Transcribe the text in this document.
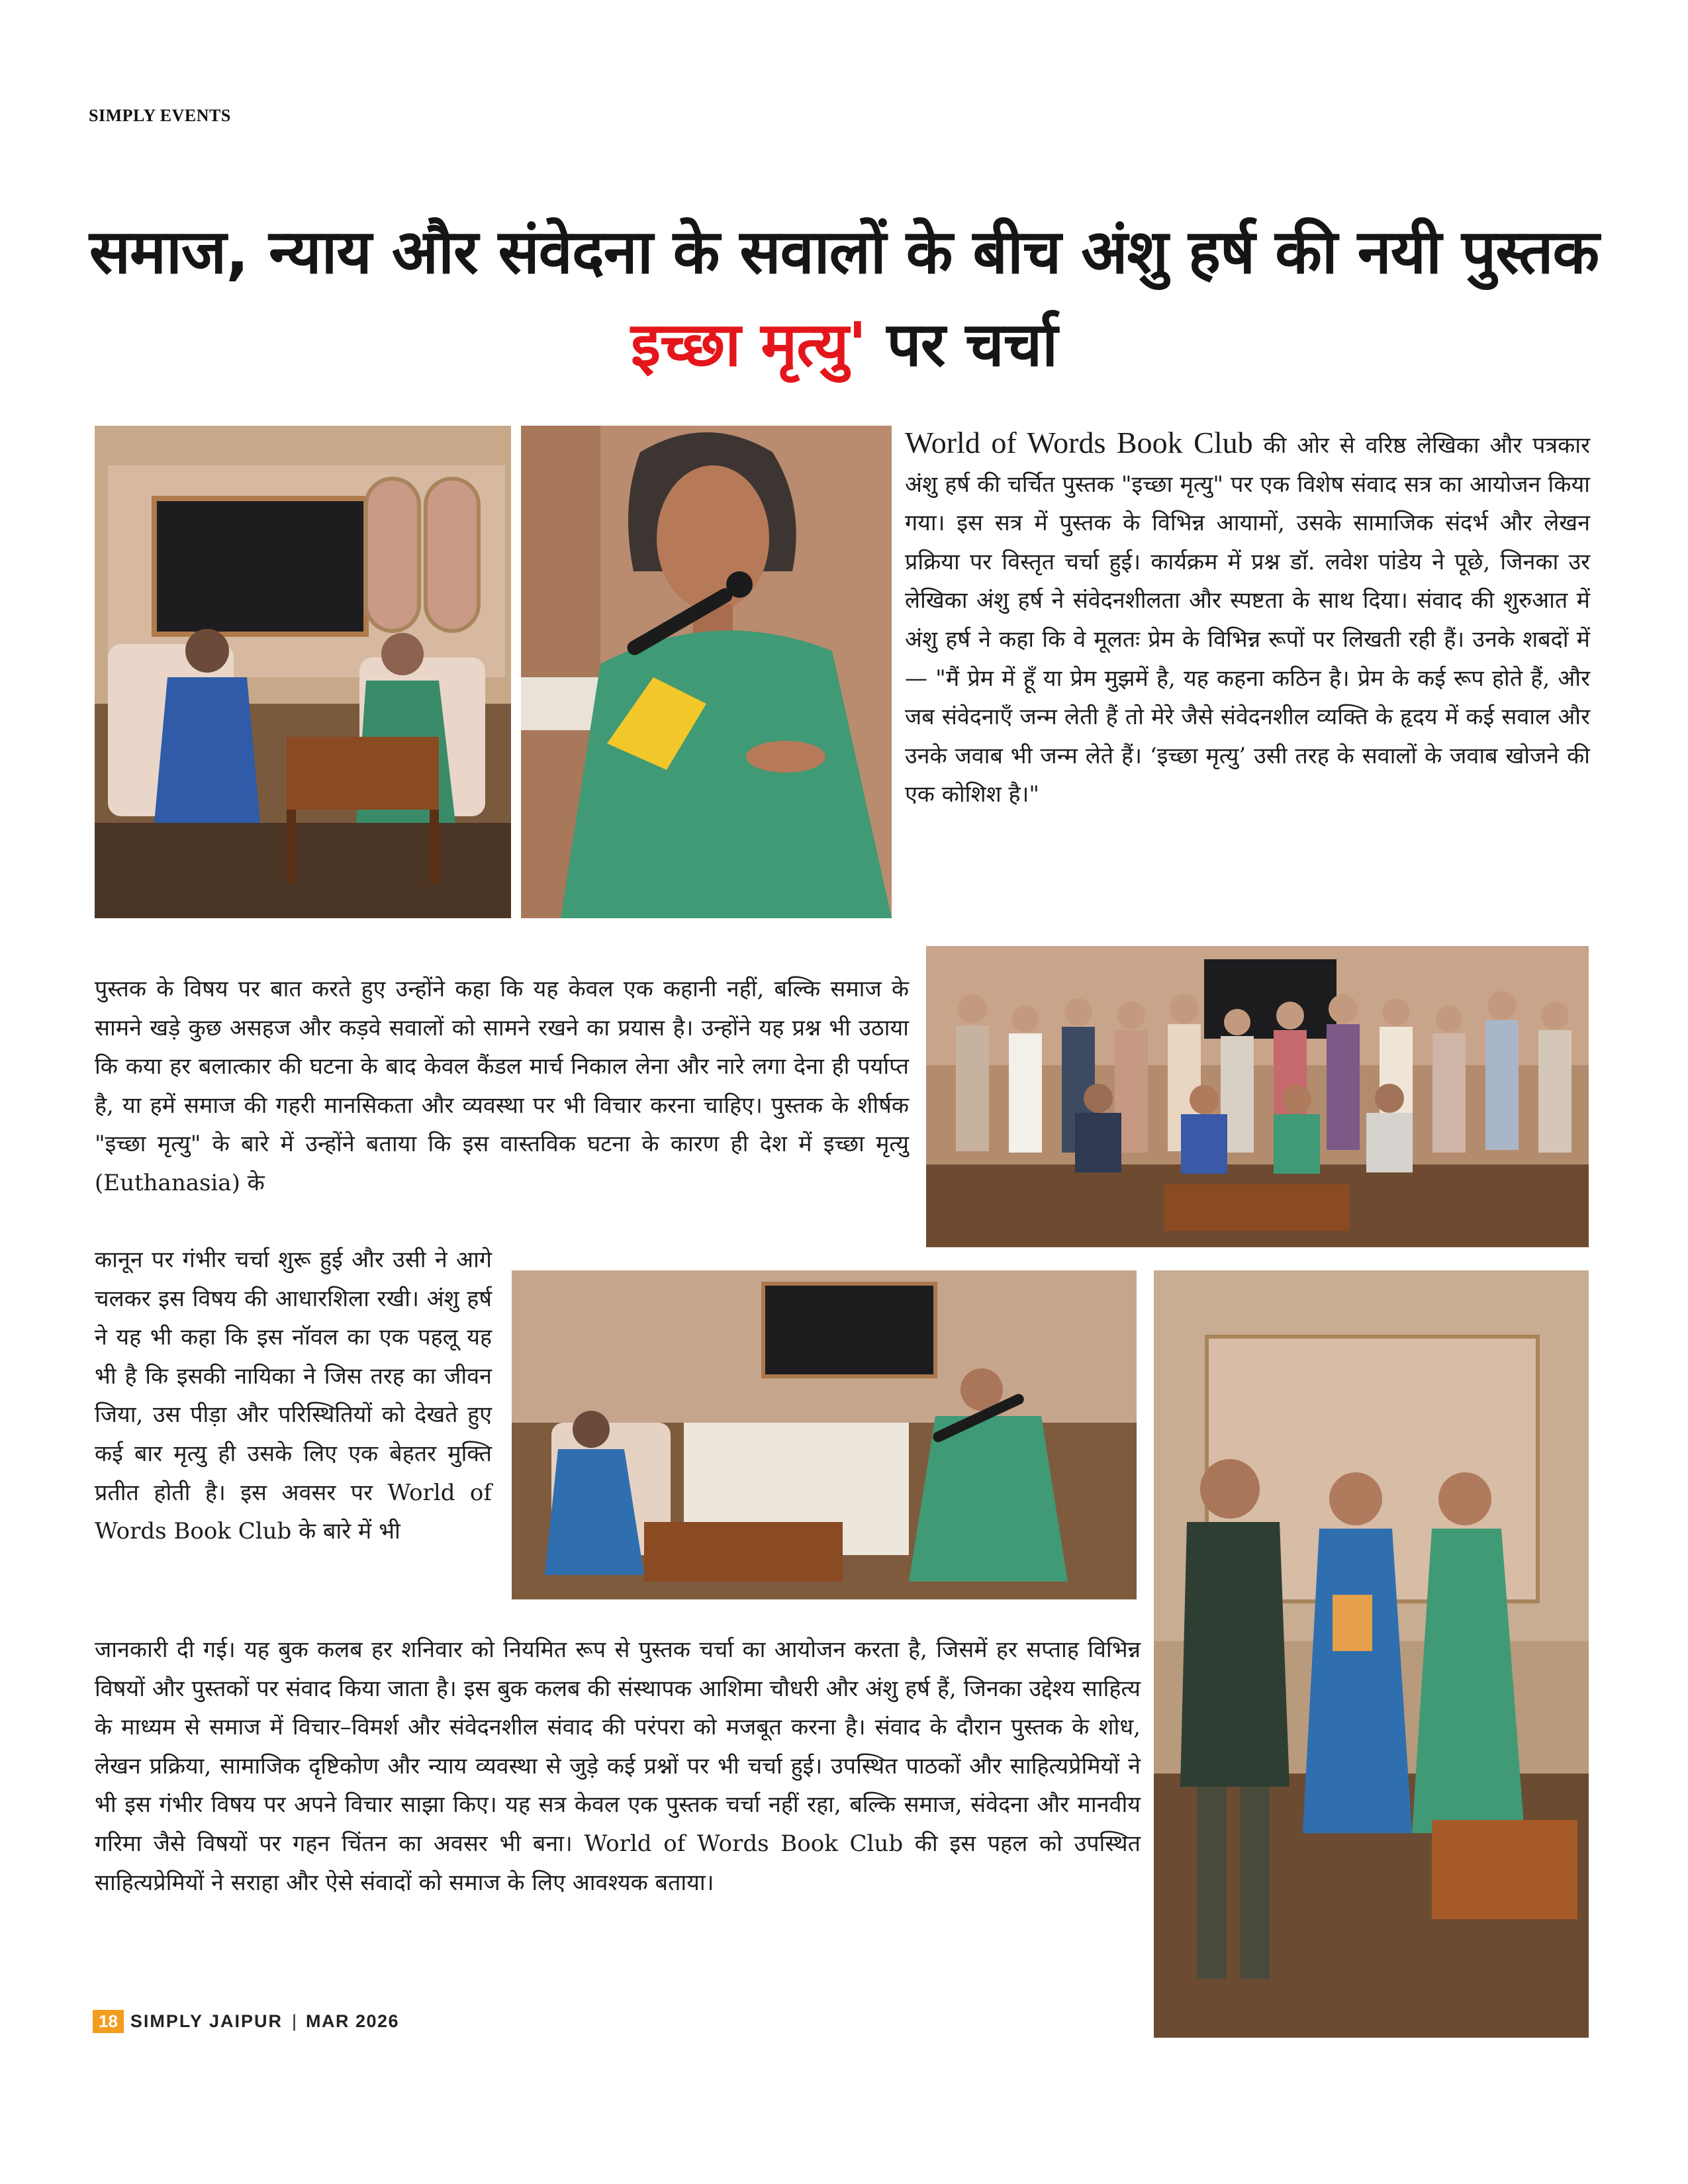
SIMPLY EVENTS
समाज, न्याय और संवेदना के सवालों के बीच अंशु हर्ष की नयी पुस्तक
इच्छा मृत्यु' पर चर्चा

World of Words Book Club की ओर से वरिष्ठ लेखिका और पत्रकार अंशु हर्ष की चर्चित पुस्तक "इच्छा मृत्यु" पर एक विशेष संवाद सत्र का आयोजन किया गया। इस सत्र में पुस्तक के विभिन्न आयामों, उसके सामाजिक संदर्भ और लेखन प्रक्रिया पर विस्तृत चर्चा हुई। कार्यक्रम में प्रश्न डॉ. लवेश पांडेय ने पूछे, जिनका उर लेखिका अंशु हर्ष ने संवेदनशीलता और स्पष्टता के साथ दिया। संवाद की शुरुआत में अंशु हर्ष ने कहा कि वे मूलतः प्रेम के विभिन्न रूपों पर लिखती रही हैं। उनके शबदों में — "मैं प्रेम में हूँ या प्रेम मुझमें है, यह कहना कठिन है। प्रेम के कई रूप होते हैं, और जब संवेदनाएँ जन्म लेती हैं तो मेरे जैसे संवेदनशील व्यक्ति के हृदय में कई सवाल और उनके जवाब भी जन्म लेते हैं। ‘इच्छा मृत्यु’ उसी तरह के सवालों के जवाब खोजने की एक कोशिश है।"

पुस्तक के विषय पर बात करते हुए उन्होंने कहा कि यह केवल एक कहानी नहीं, बल्कि समाज के सामने खड़े कुछ असहज और कड़वे सवालों को सामने रखने का प्रयास है। उन्होंने यह प्रश्न भी उठाया कि कया हर बलात्कार की घटना के बाद केवल कैंडल मार्च निकाल लेना और नारे लगा देना ही पर्याप्त है, या हमें समाज की गहरी मानसिकता और व्यवस्था पर भी विचार करना चाहिए। पुस्तक के शीर्षक "इच्छा मृत्यु" के बारे में उन्होंने बताया कि इस वास्तविक घटना के कारण ही देश में इच्छा मृत्यु (Euthanasia) के

कानून पर गंभीर चर्चा शुरू हुई और उसी ने आगे चलकर इस विषय की आधारशिला रखी। अंशु हर्ष ने यह भी कहा कि इस नॉवल का एक पहलू यह भी है कि इसकी नायिका ने जिस तरह का जीवन जिया, उस पीड़ा और परिस्थितियों को देखते हुए कई बार मृत्यु ही उसके लिए एक बेहतर मुक्ति प्रतीत होती है। इस अवसर पर World of Words Book Club के बारे में भी

जानकारी दी गई। यह बुक कलब हर शनिवार को नियमित रूप से पुस्तक चर्चा का आयोजन करता है, जिसमें हर सप्ताह विभिन्न विषयों और पुस्तकों पर संवाद किया जाता है। इस बुक कलब की संस्थापक आशिमा चौधरी और अंशु हर्ष हैं, जिनका उद्देश्य साहित्य के माध्यम से समाज में विचार–विमर्श और संवेदनशील संवाद की परंपरा को मजबूत करना है। संवाद के दौरान पुस्तक के शोध, लेखन प्रक्रिया, सामाजिक दृष्टिकोण और न्याय व्यवस्था से जुड़े कई प्रश्नों पर भी चर्चा हुई। उपस्थित पाठकों और साहित्यप्रेमियों ने भी इस गंभीर विषय पर अपने विचार साझा किए। यह सत्र केवल एक पुस्तक चर्चा नहीं रहा, बल्कि समाज, संवेदना और मानवीय गरिमा जैसे विषयों पर गहन चिंतन का अवसर भी बना। World of Words Book Club की इस पहल को उपस्थित साहित्यप्रेमियों ने सराहा और ऐसे संवादों को समाज के लिए आवश्यक बताया।

18 SIMPLY JAIPUR | MAR 2026
